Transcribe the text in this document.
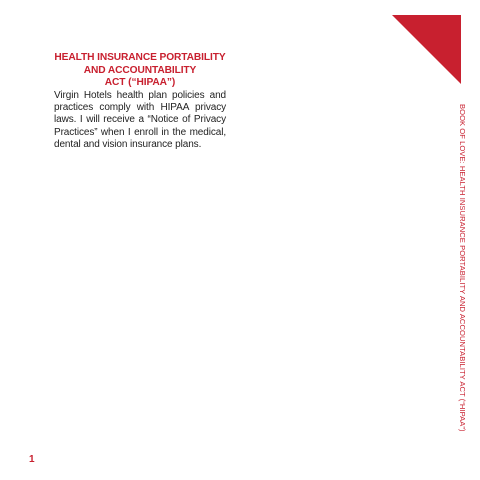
HEALTH INSURANCE PORTABILITY
AND ACCOUNTABILITY
ACT (“HIPAA”)

Virgin Hotels health plan policies and practices comply with HIPAA privacy laws. I will receive a “Notice of Privacy Practices” when I enroll in the medical, dental and vision insurance plans.	BOOK OF LOVE: HEALTH INSURANCE PORTABILITY AND ACCOUNTABILITY ACT (“HIPAA”)
1
